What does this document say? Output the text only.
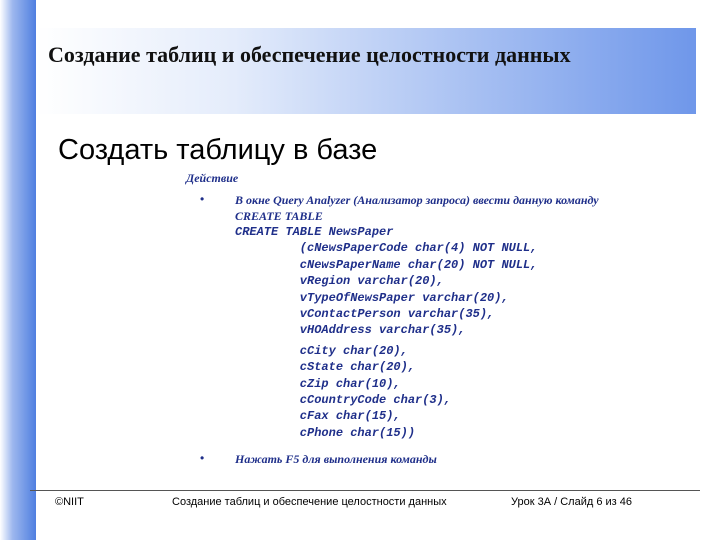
Создание таблиц и обеспечение целостности данных

Создать таблицу в базе

Действие
•	В окне Query Analyzer (Анализатор запроса) ввести данную команду
CREATE TABLE
CREATE TABLE NewsPaper
(cNewsPaperCode char(4) NOT NULL,
cNewsPaperName char(20) NOT NULL,
vRegion varchar(20),
vTypeOfNewsPaper varchar(20),
vContactPerson varchar(35),
vHOAddress varchar(35),
cCity char(20),
cState char(20),
cZip char(10),
cCountryCode char(3),
cFax char(15),
cPhone char(15))
•	Нажать F5 для выполнения команды
©NIIT	Создание таблиц и обеспечение целостности данных	Урок 3А / Слайд 6 из 46
